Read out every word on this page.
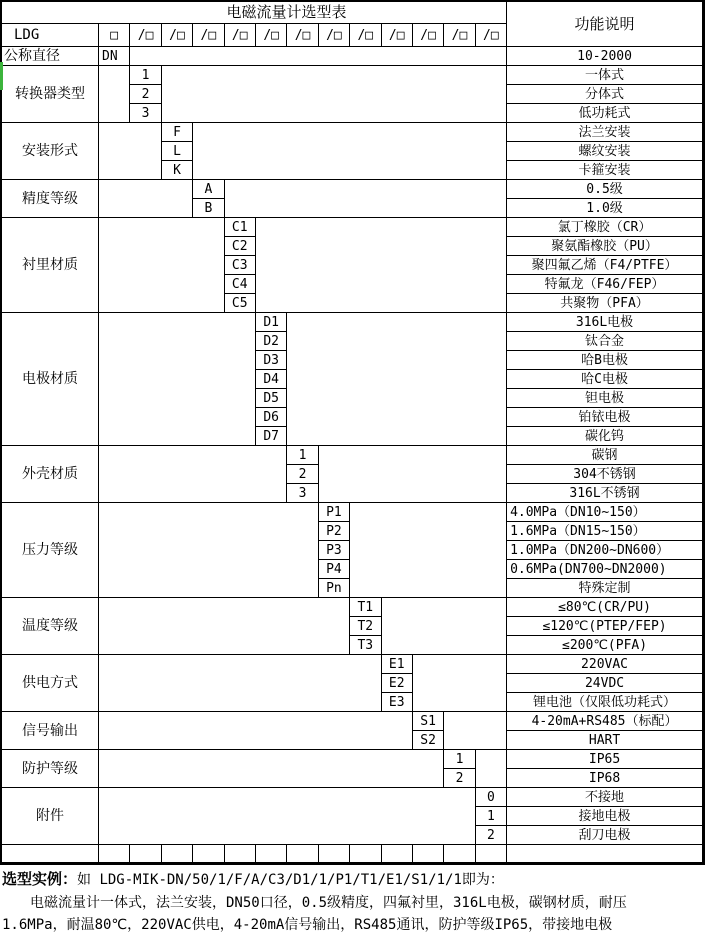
电磁流量计选型表
功能说明
LDG	□	/□	/□	/□	/□	/□	/□	/□	/□	/□	/□	/□	/□
公称直径	DN	10-2000
转换器类型
1	一体式
2	分体式
3	低功耗式
安装形式
F	法兰安装
L	螺纹安装
K	卡箍安装
精度等级
A	0.5级
B	1.0级
衬里材质
C1	氯丁橡胶（CR）
C2	聚氨酯橡胶（PU）
C3	聚四氟乙烯（F4/PTFE）
C4	特氟龙（F46/FEP）
C5	共聚物（PFA）
电极材质
D1	316L电极
D2	钛合金
D3	哈B电极
D4	哈C电极
D5	钽电极
D6	铂铱电极
D7	碳化钨
外壳材质
1	碳钢
2	304不锈钢
3	316L不锈钢
压力等级
P1	4.0MPa（DN10~150）
P2	1.6MPa（DN15~150）
P3	1.0MPa（DN200~DN600）
P4	0.6MPa(DN700~DN2000)
Pn	特殊定制
温度等级
T1	≤80℃(CR/PU)
T2	≤120℃(PTEP/FEP)
T3	≤200℃(PFA)
供电方式
E1	220VAC
E2	24VDC
E3	锂电池（仅限低功耗式）
信号输出
S1	4-20mA+RS485（标配）
S2	HART
防护等级
1	IP65
2	IP68
附件
0	不接地
1	接地电极
2	刮刀电极
选型实例：如 LDG-MIK-DN/50/1/F/A/C3/D1/1/P1/T1/E1/S1/1/1即为：
电磁流量计一体式，法兰安装，DN50口径，0.5级精度，四氟衬里，316L电极，碳钢材质，耐压
1.6MPa，耐温80℃，220VAC供电，4-20mA信号输出，RS485通讯，防护等级IP65，带接地电极
